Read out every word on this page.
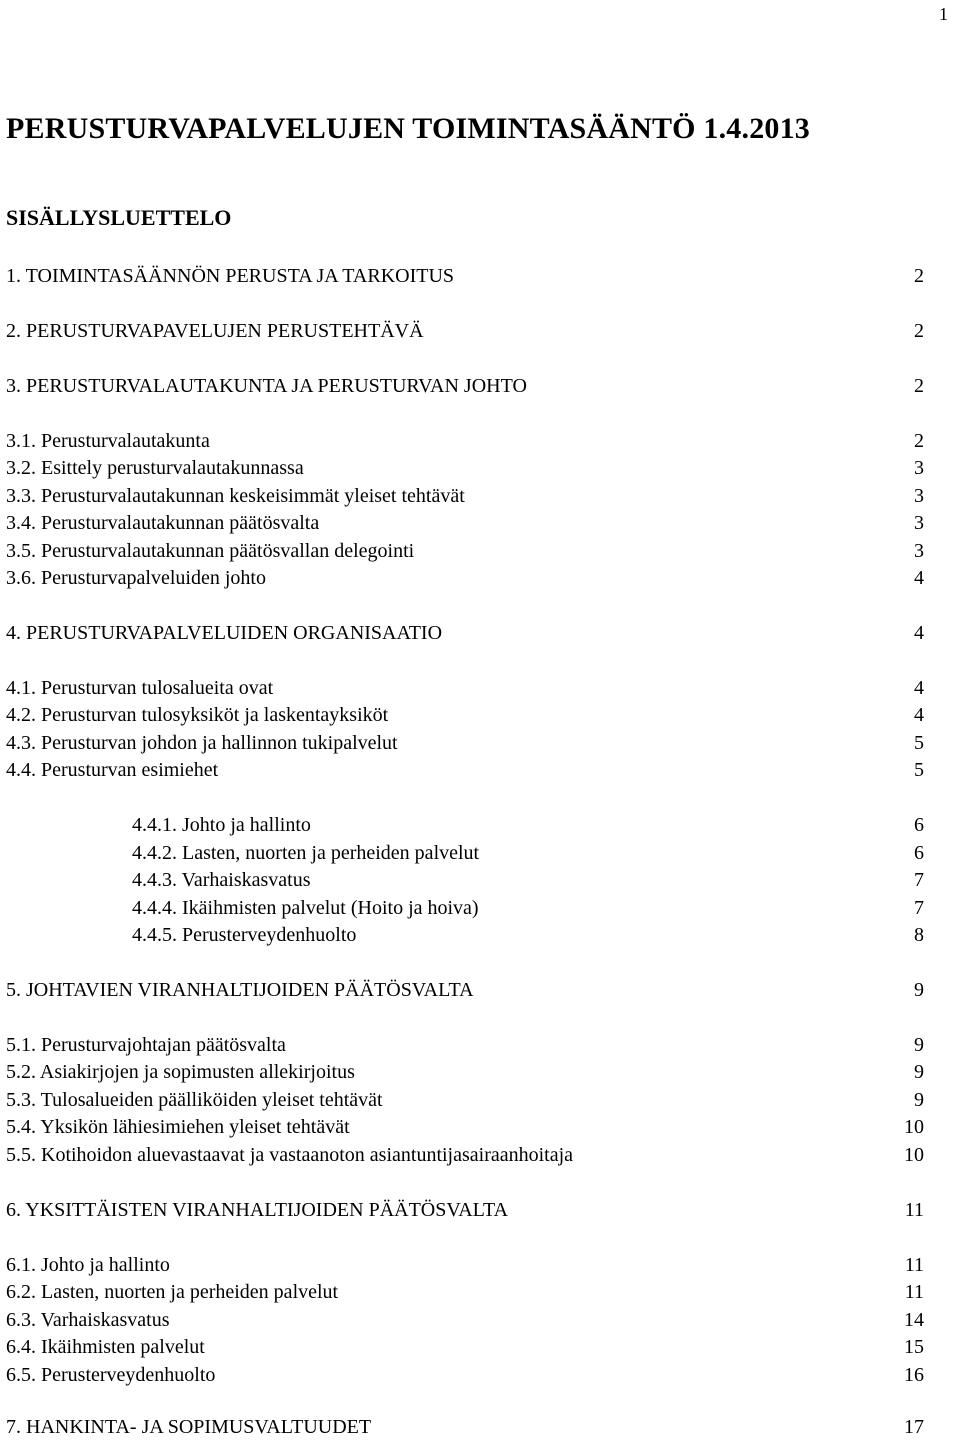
1
PERUSTURVAPALVELUJEN TOIMINTASÄÄNTÖ 1.4.2013
SISÄLLYSLUETTELO
1. TOIMINTASÄÄNNÖN PERUSTA JA TARKOITUS	2
2. PERUSTURVAPAVELUJEN PERUSTEHTÄVÄ	2
3. PERUSTURVALAUTAKUNTA JA PERUSTURVAN JOHTO	2
3.1. Perusturvalautakunta	2
3.2. Esittely perusturvalautakunnassa	3
3.3. Perusturvalautakunnan keskeisimmät yleiset tehtävät	3
3.4. Perusturvalautakunnan päätösvalta	3
3.5. Perusturvalautakunnan päätösvallan delegointi	3
3.6. Perusturvapalveluiden johto	4
4. PERUSTURVAPALVELUIDEN ORGANISAATIO	4
4.1. Perusturvan tulosalueita ovat	4
4.2. Perusturvan tulosyksiköt ja laskentayksiköt	4
4.3. Perusturvan johdon ja hallinnon tukipalvelut	5
4.4. Perusturvan esimiehet	5
4.4.1. Johto ja hallinto	6
4.4.2. Lasten, nuorten ja perheiden palvelut	6
4.4.3. Varhaiskasvatus	7
4.4.4. Ikäihmisten palvelut (Hoito ja hoiva)	7
4.4.5. Perusterveydenhuolto	8
5. JOHTAVIEN VIRANHALTIJOIDEN PÄÄTÖSVALTA	9
5.1. Perusturvajohtajan päätösvalta	9
5.2. Asiakirjojen ja sopimusten allekirjoitus	9
5.3. Tulosalueiden päälliköiden yleiset tehtävät	9
5.4. Yksikön lähiesimiehen yleiset tehtävät	10
5.5. Kotihoidon aluevastaavat ja vastaanoton asiantuntijasairaanhoitaja	10
6. YKSITTÄISTEN VIRANHALTIJOIDEN PÄÄTÖSVALTA	11
6.1. Johto ja hallinto	11
6.2. Lasten, nuorten ja perheiden palvelut	11
6.3. Varhaiskasvatus	14
6.4. Ikäihmisten palvelut	15
6.5. Perusterveydenhuolto	16
7. HANKINTA- JA SOPIMUSVALTUUDET	17
